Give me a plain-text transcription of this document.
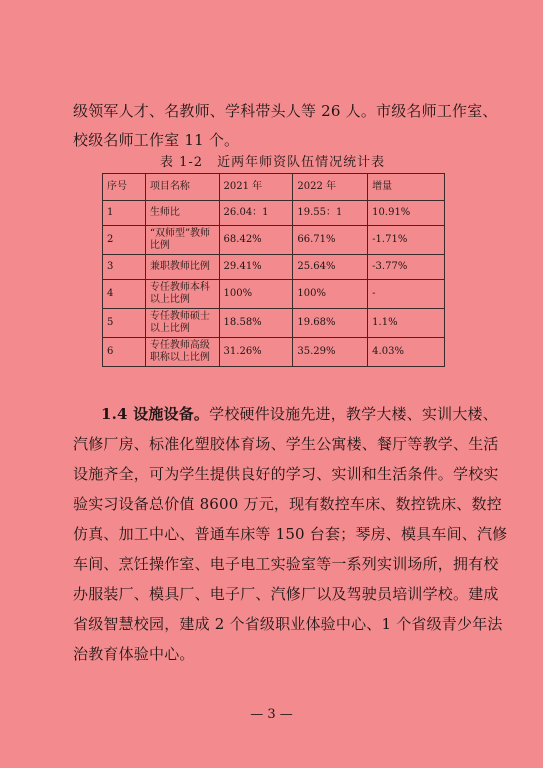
级领军人才、名教师、学科带头人等 26 人。市级名师工作室、
校级名师工作室 11 个。
表 1-2　近两年师资队伍情况统计表
序号	项目名称	2021 年	2022 年	增量
1	生师比	26.04：1	19.55：1	10.91%
2	“双师型”教师比例	68.42%	66.71%	-1.71%
3	兼职教师比例	29.41%	25.64%	-3.77%
4	专任教师本科以上比例	100%	100%	-
5	专任教师硕士以上比例	18.58%	19.68%	1.1%
6	专任教师高级职称以上比例	31.26%	35.29%	4.03%
1.4 设施设备。学校硬件设施先进，教学大楼、实训大楼、
汽修厂房、标准化塑胶体育场、学生公寓楼、餐厅等教学、生活
设施齐全，可为学生提供良好的学习、实训和生活条件。学校实
验实习设备总价值 8600 万元，现有数控车床、数控铣床、数控
仿真、加工中心、普通车床等 150 台套；琴房、模具车间、汽修
车间、烹饪操作室、电子电工实验室等一系列实训场所，拥有校
办服装厂、模具厂、电子厂、汽修厂以及驾驶员培训学校。建成
省级智慧校园，建成 2 个省级职业体验中心、1 个省级青少年法
治教育体验中心。
— 3 —
